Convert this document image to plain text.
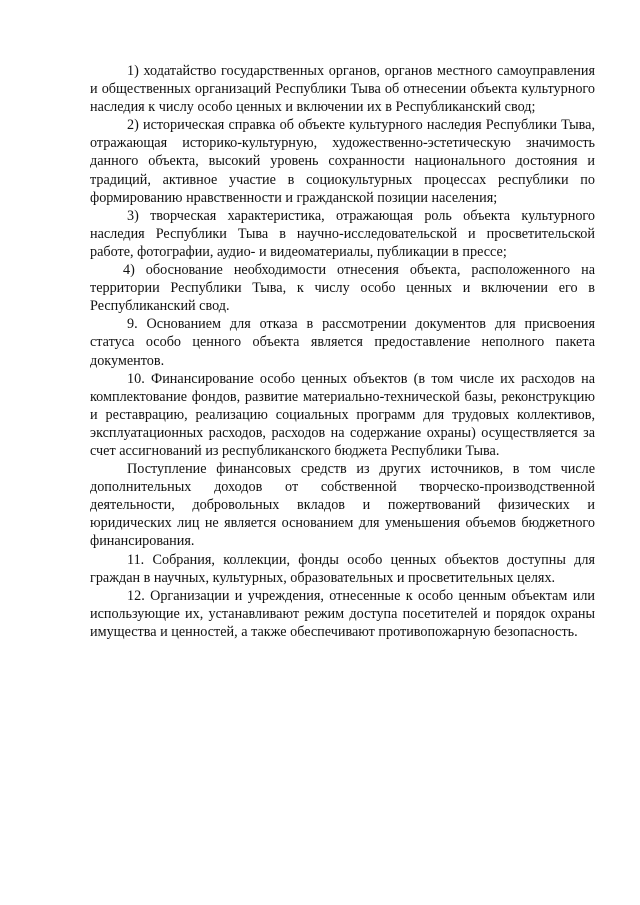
1) ходатайство государственных органов, органов местного самоуправления и общественных организаций Республики Тыва об отнесении объекта культурного наследия к числу особо ценных и включении их в Республиканский свод;

2) историческая справка об объекте культурного наследия Республики Тыва, отражающая историко-культурную, художественно-эстетическую значимость данного объекта, высокий уровень сохранности национального достояния и традиций, активное участие в социокультурных процессах республики по формированию нравственности и гражданской позиции населения;

3) творческая характеристика, отражающая роль объекта культурного наследия Республики Тыва в научно-исследовательской и просветительской работе, фотографии, аудио- и видеоматериалы, публикации в прессе;

4) обоснование необходимости отнесения объекта, расположенного на территории Республики Тыва, к числу особо ценных и включении его в Республиканский свод.

9. Основанием для отказа в рассмотрении документов для присвоения статуса особо ценного объекта является предоставление неполного пакета документов.

10. Финансирование особо ценных объектов (в том числе их расходов на комплектование фондов, развитие материально-технической базы, реконструкцию и реставрацию, реализацию социальных программ для трудовых коллективов, эксплуатационных расходов, расходов на содержание охраны) осуществляется за счет ассигнований из республиканского бюджета Республики Тыва.

Поступление финансовых средств из других источников, в том числе дополнительных доходов от собственной творческо-производственной деятельности, добровольных вкладов и пожертвований физических и юридических лиц не является основанием для уменьшения объемов бюджетного финансирования.

11. Собрания, коллекции, фонды особо ценных объектов доступны для граждан в научных, культурных, образовательных и просветительных целях.

12. Организации и учреждения, отнесенные к особо ценным объектам или использующие их, устанавливают режим доступа посетителей и порядок охраны имущества и ценностей, а также обеспечивают противопожарную безопасность.
